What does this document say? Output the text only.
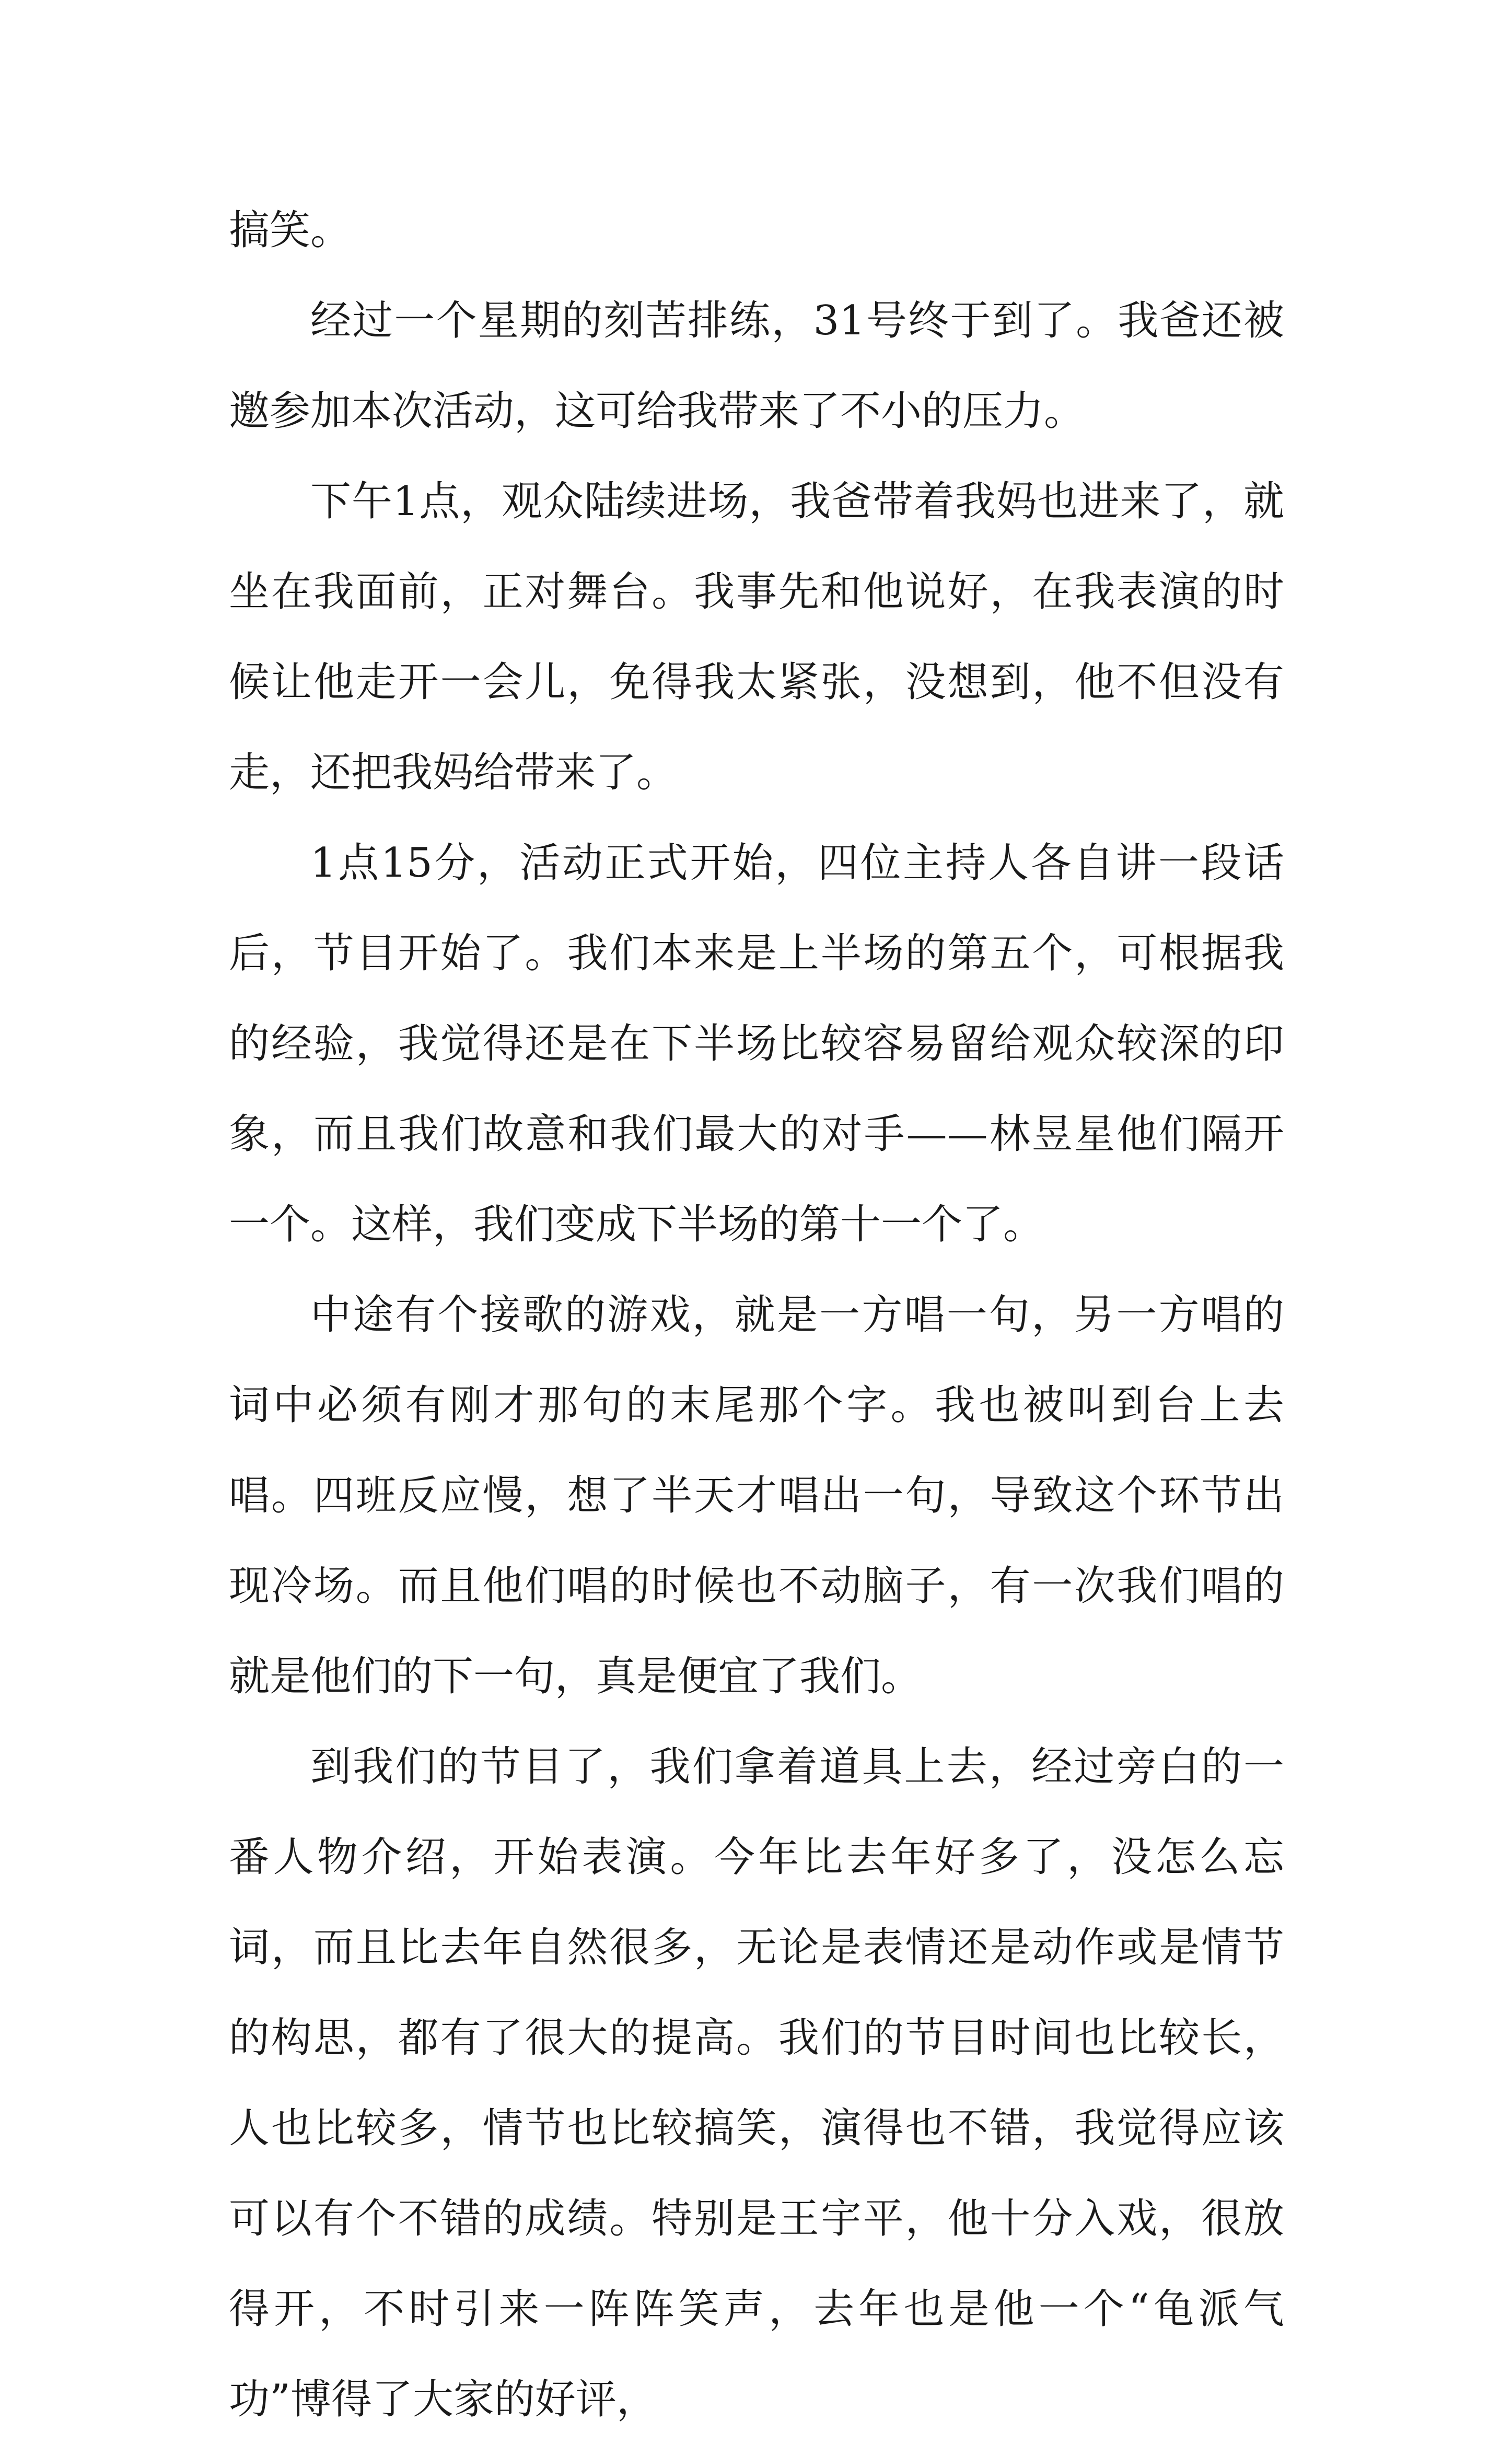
搞笑。

经过一个星期的刻苦排练，31号终于到了。我爸还被邀参加本次活动，这可给我带来了不小的压力。

下午1点，观众陆续进场，我爸带着我妈也进来了，就坐在我面前，正对舞台。我事先和他说好，在我表演的时候让他走开一会儿，免得我太紧张，没想到，他不但没有走，还把我妈给带来了。

1点15分，活动正式开始，四位主持人各自讲一段话后，节目开始了。我们本来是上半场的第五个，可根据我的经验，我觉得还是在下半场比较容易留给观众较深的印象，而且我们故意和我们最大的对手——林昱星他们隔开一个。这样，我们变成下半场的第十一个了。

中途有个接歌的游戏，就是一方唱一句，另一方唱的词中必须有刚才那句的末尾那个字。我也被叫到台上去唱。四班反应慢，想了半天才唱出一句，导致这个环节出现冷场。而且他们唱的时候也不动脑子，有一次我们唱的就是他们的下一句，真是便宜了我们。

到我们的节目了，我们拿着道具上去，经过旁白的一番人物介绍，开始表演。今年比去年好多了，没怎么忘词，而且比去年自然很多，无论是表情还是动作或是情节的构思，都有了很大的提高。我们的节目时间也比较长，人也比较多，情节也比较搞笑，演得也不错，我觉得应该可以有个不错的成绩。特别是王宇平，他十分入戏，很放得开，不时引来一阵阵笑声，去年也是他一个“龟派气功”博得了大家的好评，
